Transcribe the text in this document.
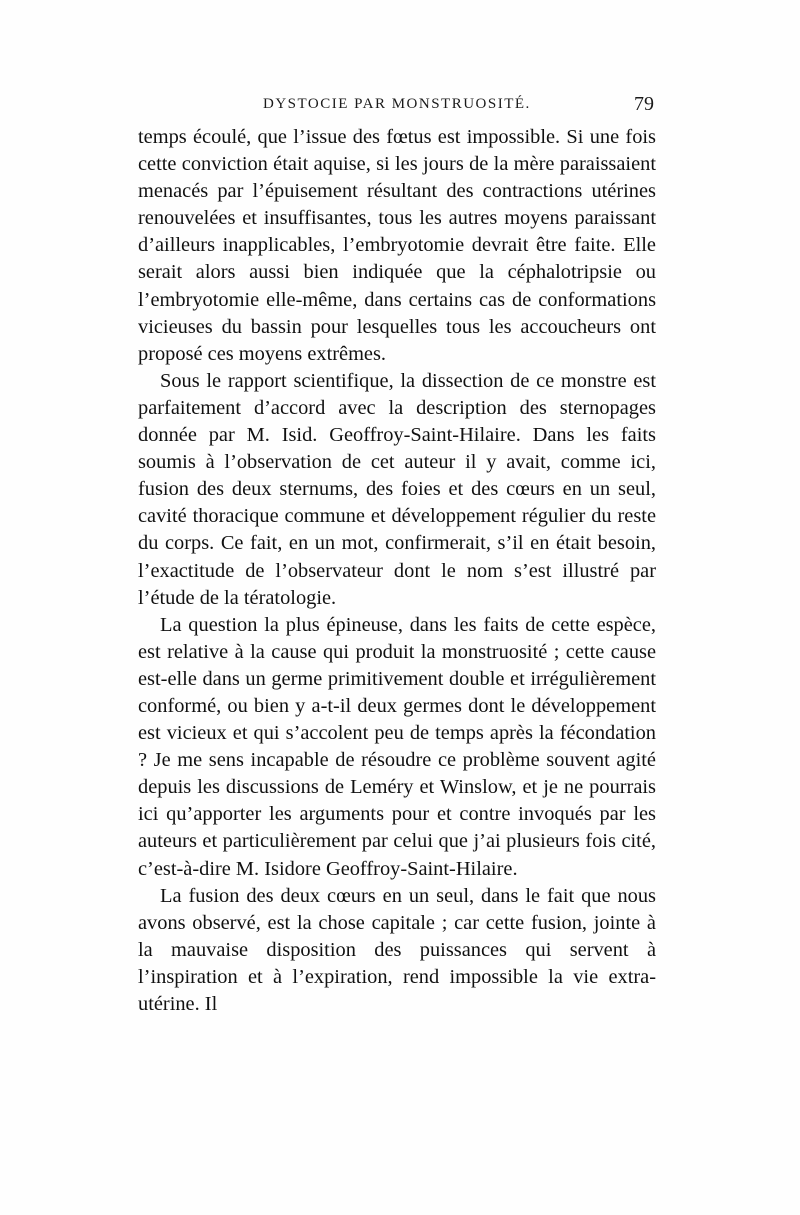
DYSTOCIE PAR MONSTRUOSITÉ.	79

temps écoulé, que l’issue des fœtus est impossible. Si une fois cette conviction était aquise, si les jours de la mère paraissaient menacés par l’épuisement résultant des contractions utérines renouvelées et insuffisantes, tous les autres moyens paraissant d’ailleurs inapplicables, l’embryotomie devrait être faite. Elle serait alors aussi bien indiquée que la céphalotripsie ou l’embryotomie elle-même, dans certains cas de conformations vicieuses du bassin pour lesquelles tous les accoucheurs ont proposé ces moyens extrêmes.

Sous le rapport scientifique, la dissection de ce monstre est parfaitement d’accord avec la description des sternopages donnée par M. Isid. Geoffroy-Saint-Hilaire. Dans les faits soumis à l’observation de cet auteur il y avait, comme ici, fusion des deux sternums, des foies et des cœurs en un seul, cavité thoracique commune et développement régulier du reste du corps. Ce fait, en un mot, confirmerait, s’il en était besoin, l’exactitude de l’observateur dont le nom s’est illustré par l’étude de la tératologie.

La question la plus épineuse, dans les faits de cette espèce, est relative à la cause qui produit la monstruosité ; cette cause est-elle dans un germe primitivement double et irrégulièrement conformé, ou bien y a-t-il deux germes dont le développement est vicieux et qui s’accolent peu de temps après la fécondation ? Je me sens incapable de résoudre ce problème souvent agité depuis les discussions de Leméry et Winslow, et je ne pourrais ici qu’apporter les arguments pour et contre invoqués par les auteurs et particulièrement par celui que j’ai plusieurs fois cité, c’est-à-dire M. Isidore Geoffroy-Saint-Hilaire.

La fusion des deux cœurs en un seul, dans le fait que nous avons observé, est la chose capitale ; car cette fusion, jointe à la mauvaise disposition des puissances qui servent à l’inspiration et à l’expiration, rend impossible la vie extra-utérine. Il
